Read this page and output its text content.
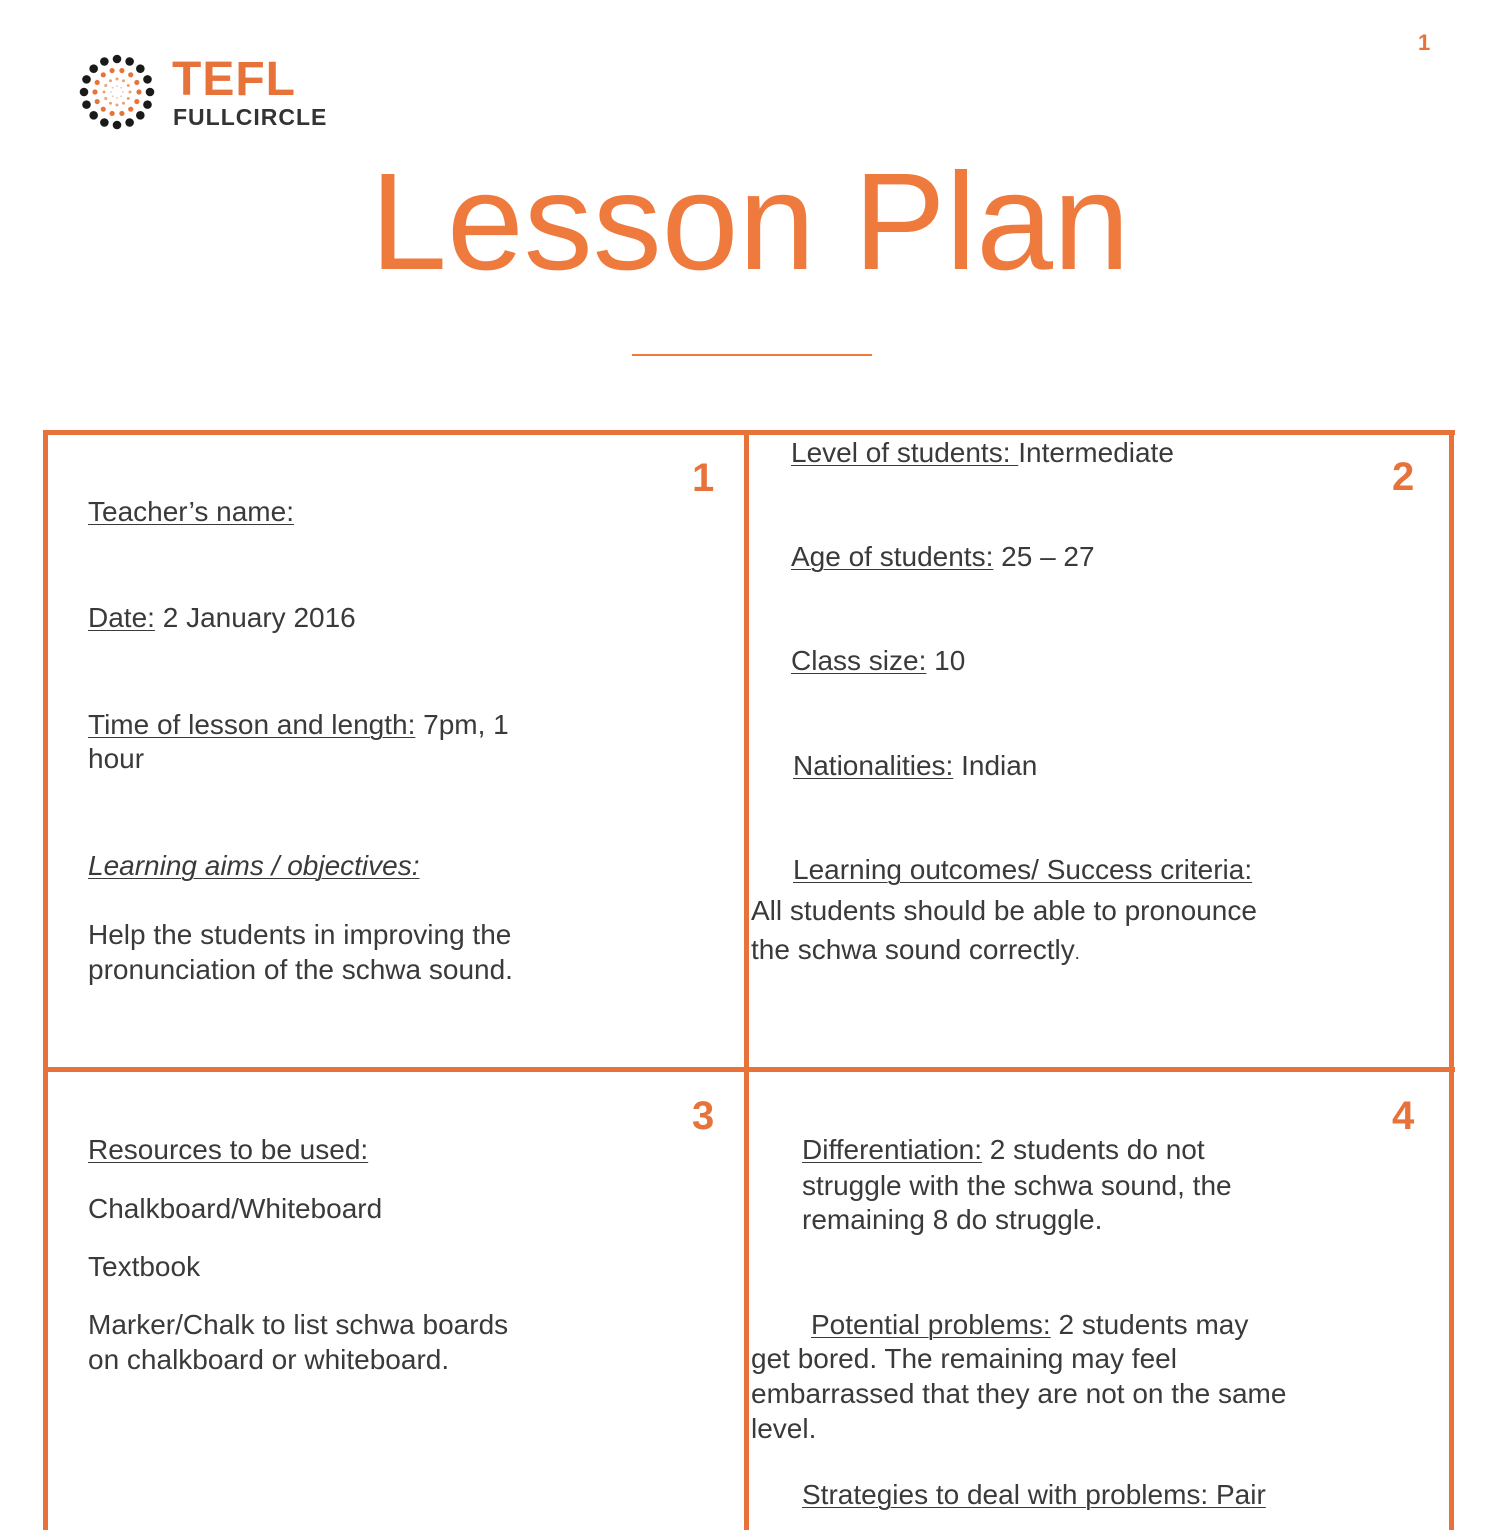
1
TEFL
FULLCIRCLE
Lesson Plan
1
Teacher’s name:
Date: 2 January 2016
Time of lesson and length: 7pm, 1
hour
Learning aims / objectives:
Help the students in improving the
pronunciation of the schwa sound.
2
Level of students: Intermediate
Age of students: 25 – 27
Class size: 10
Nationalities: Indian
Learning outcomes/ Success criteria:
All students should be able to pronounce
the schwa sound correctly.
3
Resources to be used:
Chalkboard/Whiteboard
Textbook
Marker/Chalk to list schwa boards
on chalkboard or whiteboard.
4
Differentiation: 2 students do not
struggle with the schwa sound, the
remaining 8 do struggle.
Potential problems: 2 students may
get bored. The remaining may feel
embarrassed that they are not on the same
level.
Strategies to deal with problems: Pair
